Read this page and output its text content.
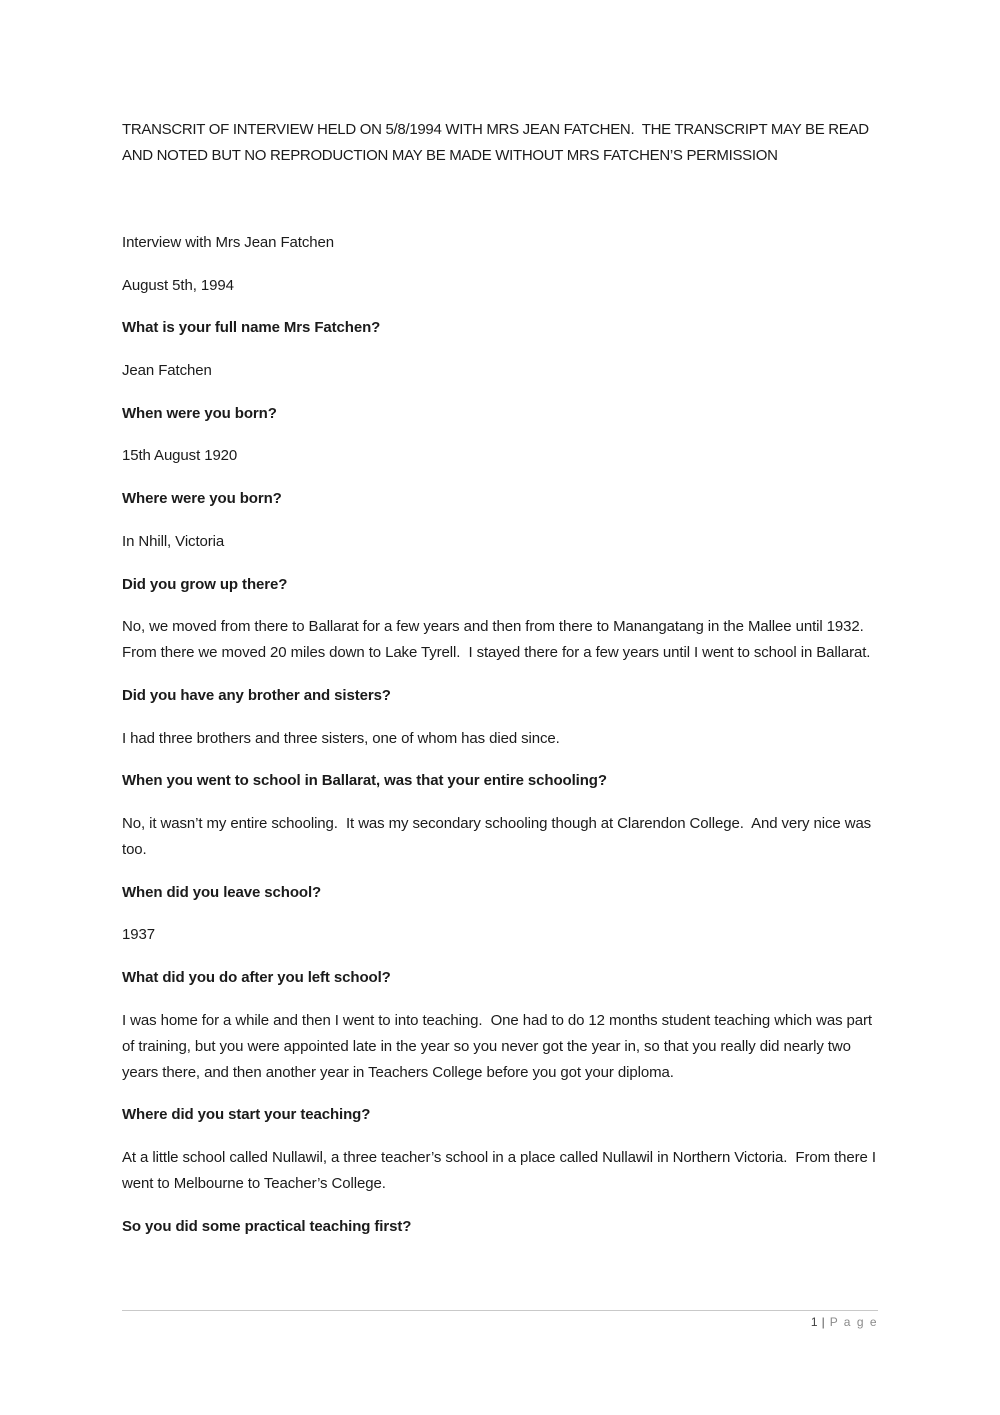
TRANSCRIT OF INTERVIEW HELD ON 5/8/1994 WITH MRS JEAN FATCHEN.  THE TRANSCRIPT MAY BE READ AND NOTED BUT NO REPRODUCTION MAY BE MADE WITHOUT MRS FATCHEN’S PERMISSION

Interview with Mrs Jean Fatchen

August 5th, 1994

What is your full name Mrs Fatchen?

Jean Fatchen

When were you born?

15th August 1920

Where were you born?

In Nhill, Victoria

Did you grow up there?

No, we moved from there to Ballarat for a few years and then from there to Manangatang in the Mallee until 1932.  From there we moved 20 miles down to Lake Tyrell.  I stayed there for a few years until I went to school in Ballarat.

Did you have any brother and sisters?

I had three brothers and three sisters, one of whom has died since.

When you went to school in Ballarat, was that your entire schooling?

No, it wasn’t my entire schooling.  It was my secondary schooling though at Clarendon College.  And very nice was too.

When did you leave school?

1937

What did you do after you left school?

I was home for a while and then I went to into teaching.  One had to do 12 months student teaching which was part of training, but you were appointed late in the year so you never got the year in, so that you really did nearly two years there, and then another year in Teachers College before you got your diploma.

Where did you start your teaching?

At a little school called Nullawil, a three teacher’s school in a place called Nullawil in Northern Victoria.  From there I went to Melbourne to Teacher’s College.

So you did some practical teaching first?

1 | P a g e
